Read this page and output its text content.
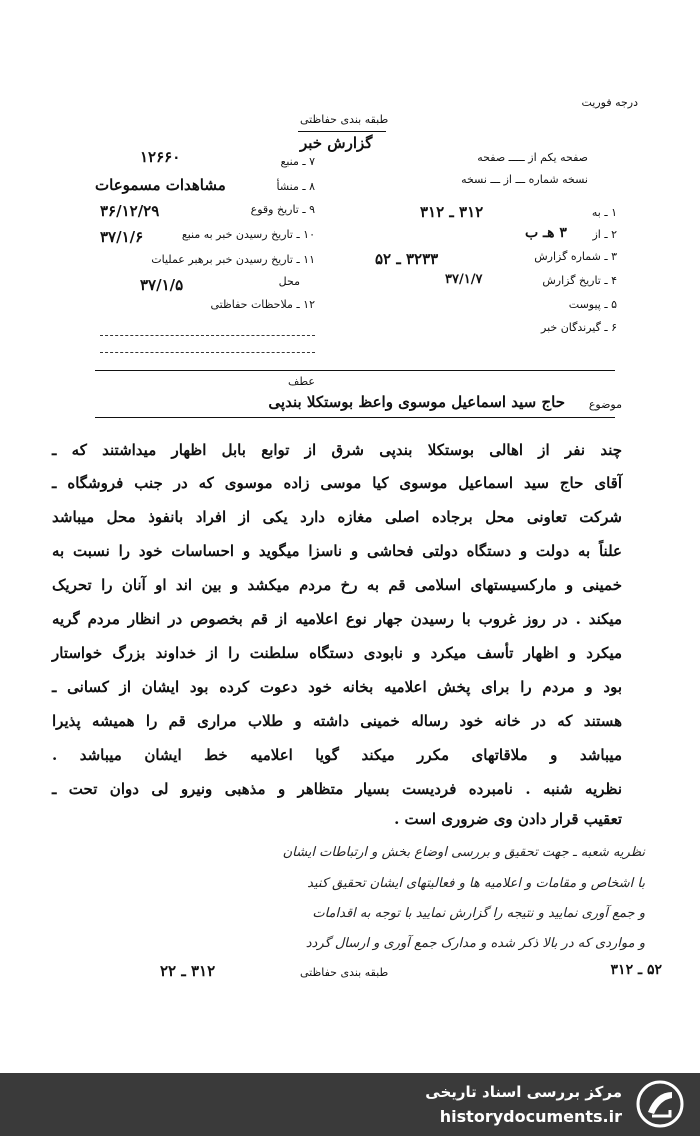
درجه فوریت
طبقه بندی حفاظتی
گزارش خبر
صفحه یکم از ـــــ صفحه
نسخه شماره ـــ از ـــ نسخه
۷ ـ منبع
۱۲۶۶۰
۸ ـ منشأ
مشاهدات مسموعات
۹ ـ تاریخ وقوع
۳۶/۱۲/۲۹
۱۰ ـ تاریخ رسیدن خبر به منبع
۳۷/۱/۶
۱۱ ـ تاریخ رسیدن خبر برهبر عملیات
۳۷/۱/۵	محل
۱۲ ـ ملاحظات حفاظتی
۱ ـ به
۳۱۲ ـ ۳۱۲
۲ ـ از
۳ هـ ب
۳ ـ شماره گزارش
۳۲۳۳ ـ ۵۲
۴ ـ تاریخ گزارش
۳۷/۱/۷
۵ ـ پیوست
۶ ـ گیرندگان خبر
عطف
موضوع
حاج سید اسماعیل موسوی واعظ بوستکلا بندپی
چند نفر از اهالی بوستکلا بندپی شرق از توابع بابل اظهار میداشتند که ـ
آقای حاج سید اسماعیل موسوی کیا موسی زاده موسوی که در جنب فروشگاه ـ
شرکت تعاونی محل برجاده اصلی مغازه دارد یکی از افراد بانفوذ محل میباشد
علناً به دولت و دستگاه دولتی فحاشی و ناسزا میگوید و احساسات خود را نسبت به
خمینی و مارکسیستهای اسلامی قم به رخ مردم میکشد و بین اند او آنان را تحریک
میکند . در روز غروب با رسیدن جهار نوع اعلامیه از قم بخصوص در انظار مردم گریه
میکرد و اظهار تأسف میکرد و نابودی دستگاه سلطنت را از خداوند بزرگ خواستار
بود و مردم را برای پخش اعلامیه بخانه خود دعوت کرده بود ایشان از کسانی ـ
هستند که در خانه خود رساله خمینی داشته و طلاب مراری قم را همیشه پذیرا
میباشد و ملاقاتهای مکرر میکند گویا اعلامیه خط ایشان میباشد .
نظریه شنبه . نامبرده فردیست بسیار متظاهر و مذهبی ونیرو لی دوان تحت ـ
تعقیب قرار دادن وی ضروری است .
نظریه شعبه ـ جهت تحقیق و بررسی اوضاع بخش و ارتباطات ایشان
با اشخاص و مقامات و اعلامیه ها و فعالیتهای ایشان تحقیق کنید
و جمع آوری نمایید و نتیجه را گزارش نمایید با توجه به اقدامات
و مواردی که در بالا ذکر شده و مدارک جمع آوری و ارسال گردد
۳۱۲ ـ ۲۲	طبقه بندی حفاظتی	۵۲ ـ ۳۱۲
مرکز بررسی اسناد تاریخی
historydocuments.ir
